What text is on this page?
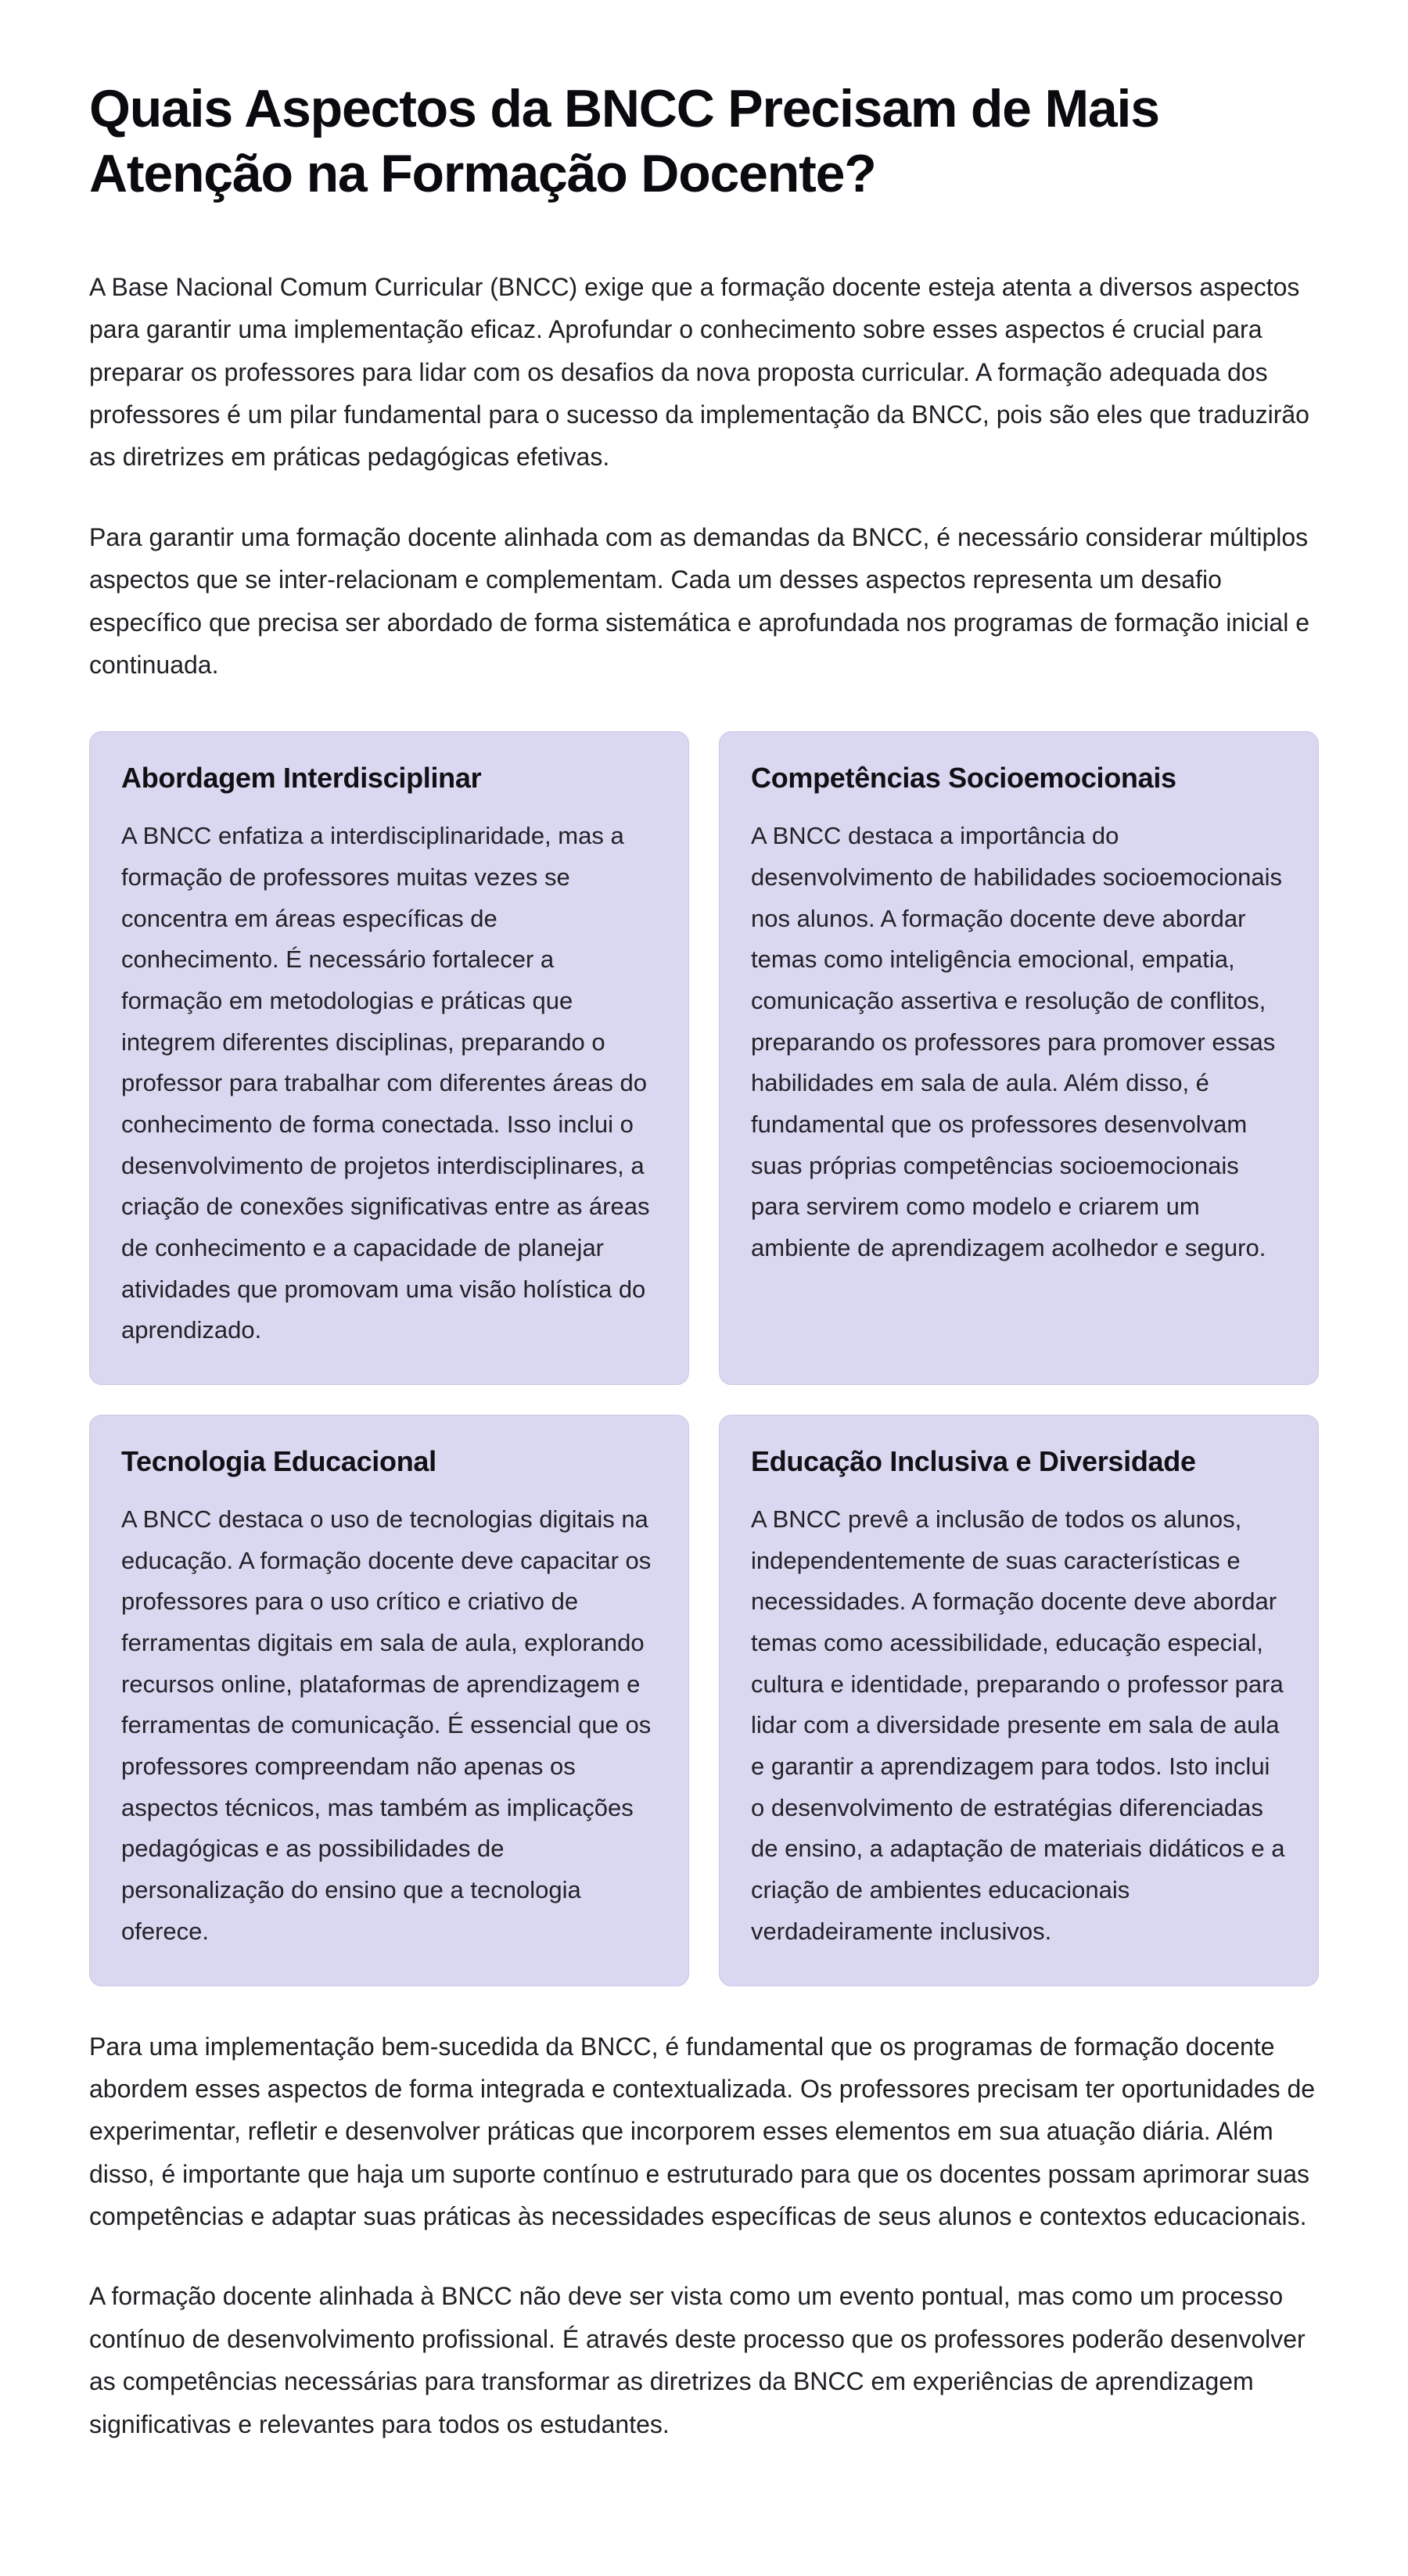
Quais Aspectos da BNCC Precisam de Mais Atenção na Formação Docente?

A Base Nacional Comum Curricular (BNCC) exige que a formação docente esteja atenta a diversos aspectos para garantir uma implementação eficaz. Aprofundar o conhecimento sobre esses aspectos é crucial para preparar os professores para lidar com os desafios da nova proposta curricular. A formação adequada dos professores é um pilar fundamental para o sucesso da implementação da BNCC, pois são eles que traduzirão as diretrizes em práticas pedagógicas efetivas.

Para garantir uma formação docente alinhada com as demandas da BNCC, é necessário considerar múltiplos aspectos que se inter-relacionam e complementam. Cada um desses aspectos representa um desafio específico que precisa ser abordado de forma sistemática e aprofundada nos programas de formação inicial e continuada.

Abordagem Interdisciplinar

A BNCC enfatiza a interdisciplinaridade, mas a formação de professores muitas vezes se concentra em áreas específicas de conhecimento. É necessário fortalecer a formação em metodologias e práticas que integrem diferentes disciplinas, preparando o professor para trabalhar com diferentes áreas do conhecimento de forma conectada. Isso inclui o desenvolvimento de projetos interdisciplinares, a criação de conexões significativas entre as áreas de conhecimento e a capacidade de planejar atividades que promovam uma visão holística do aprendizado.

Competências Socioemocionais

A BNCC destaca a importância do desenvolvimento de habilidades socioemocionais nos alunos. A formação docente deve abordar temas como inteligência emocional, empatia, comunicação assertiva e resolução de conflitos, preparando os professores para promover essas habilidades em sala de aula. Além disso, é fundamental que os professores desenvolvam suas próprias competências socioemocionais para servirem como modelo e criarem um ambiente de aprendizagem acolhedor e seguro.

Tecnologia Educacional

A BNCC destaca o uso de tecnologias digitais na educação. A formação docente deve capacitar os professores para o uso crítico e criativo de ferramentas digitais em sala de aula, explorando recursos online, plataformas de aprendizagem e ferramentas de comunicação. É essencial que os professores compreendam não apenas os aspectos técnicos, mas também as implicações pedagógicas e as possibilidades de personalização do ensino que a tecnologia oferece.

Educação Inclusiva e Diversidade

A BNCC prevê a inclusão de todos os alunos, independentemente de suas características e necessidades. A formação docente deve abordar temas como acessibilidade, educação especial, cultura e identidade, preparando o professor para lidar com a diversidade presente em sala de aula e garantir a aprendizagem para todos. Isto inclui o desenvolvimento de estratégias diferenciadas de ensino, a adaptação de materiais didáticos e a criação de ambientes educacionais verdadeiramente inclusivos.

Para uma implementação bem-sucedida da BNCC, é fundamental que os programas de formação docente abordem esses aspectos de forma integrada e contextualizada. Os professores precisam ter oportunidades de experimentar, refletir e desenvolver práticas que incorporem esses elementos em sua atuação diária. Além disso, é importante que haja um suporte contínuo e estruturado para que os docentes possam aprimorar suas competências e adaptar suas práticas às necessidades específicas de seus alunos e contextos educacionais.

A formação docente alinhada à BNCC não deve ser vista como um evento pontual, mas como um processo contínuo de desenvolvimento profissional. É através deste processo que os professores poderão desenvolver as competências necessárias para transformar as diretrizes da BNCC em experiências de aprendizagem significativas e relevantes para todos os estudantes.
